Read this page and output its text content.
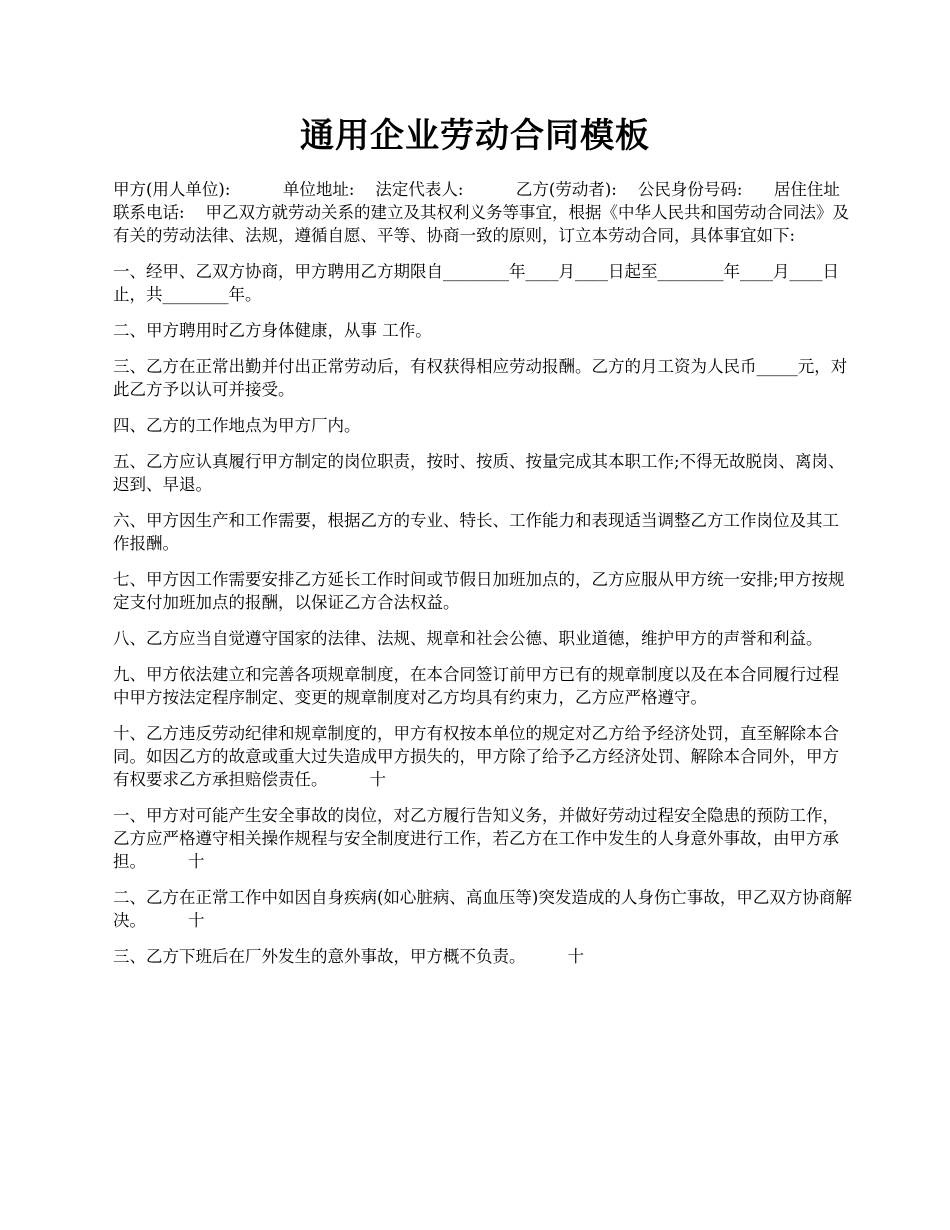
通用企业劳动合同模板

甲方(用人单位):          单位地址:    法定代表人:          乙方(劳动者):    公民身份号码:      居住住址 联系电话:    甲乙双方就劳动关系的建立及其权利义务等事宜，根据《中华人民共和国劳动合同法》及有关的劳动法律、法规，遵循自愿、平等、协商一致的原则，订立本劳动合同，具体事宜如下:

一、经甲、乙双方协商，甲方聘用乙方期限自________年____月____日起至________年____月____日止，共________年。

二、甲方聘用时乙方身体健康，从事 工作。

三、乙方在正常出勤并付出正常劳动后，有权获得相应劳动报酬。乙方的月工资为人民币_____元，对此乙方予以认可并接受。

四、乙方的工作地点为甲方厂内。

五、乙方应认真履行甲方制定的岗位职责，按时、按质、按量完成其本职工作;不得无故脱岗、离岗、迟到、早退。

六、甲方因生产和工作需要，根据乙方的专业、特长、工作能力和表现适当调整乙方工作岗位及其工作报酬。

七、甲方因工作需要安排乙方延长工作时间或节假日加班加点的，乙方应服从甲方统一安排;甲方按规定支付加班加点的报酬，以保证乙方合法权益。

八、乙方应当自觉遵守国家的法律、法规、规章和社会公德、职业道德，维护甲方的声誉和利益。

九、甲方依法建立和完善各项规章制度，在本合同签订前甲方已有的规章制度以及在本合同履行过程中甲方按法定程序制定、变更的规章制度对乙方均具有约束力，乙方应严格遵守。

十、乙方违反劳动纪律和规章制度的，甲方有权按本单位的规定对乙方给予经济处罚，直至解除本合同。如因乙方的故意或重大过失造成甲方损失的，甲方除了给予乙方经济处罚、解除本合同外，甲方有权要求乙方承担赔偿责任。        十

一、甲方对可能产生安全事故的岗位，对乙方履行告知义务，并做好劳动过程安全隐患的预防工作，乙方应严格遵守相关操作规程与安全制度进行工作，若乙方在工作中发生的人身意外事故，由甲方承担。        十

二、乙方在正常工作中如因自身疾病(如心脏病、高血压等)突发造成的人身伤亡事故，甲乙双方协商解决。        十

三、乙方下班后在厂外发生的意外事故，甲方概不负责。        十
